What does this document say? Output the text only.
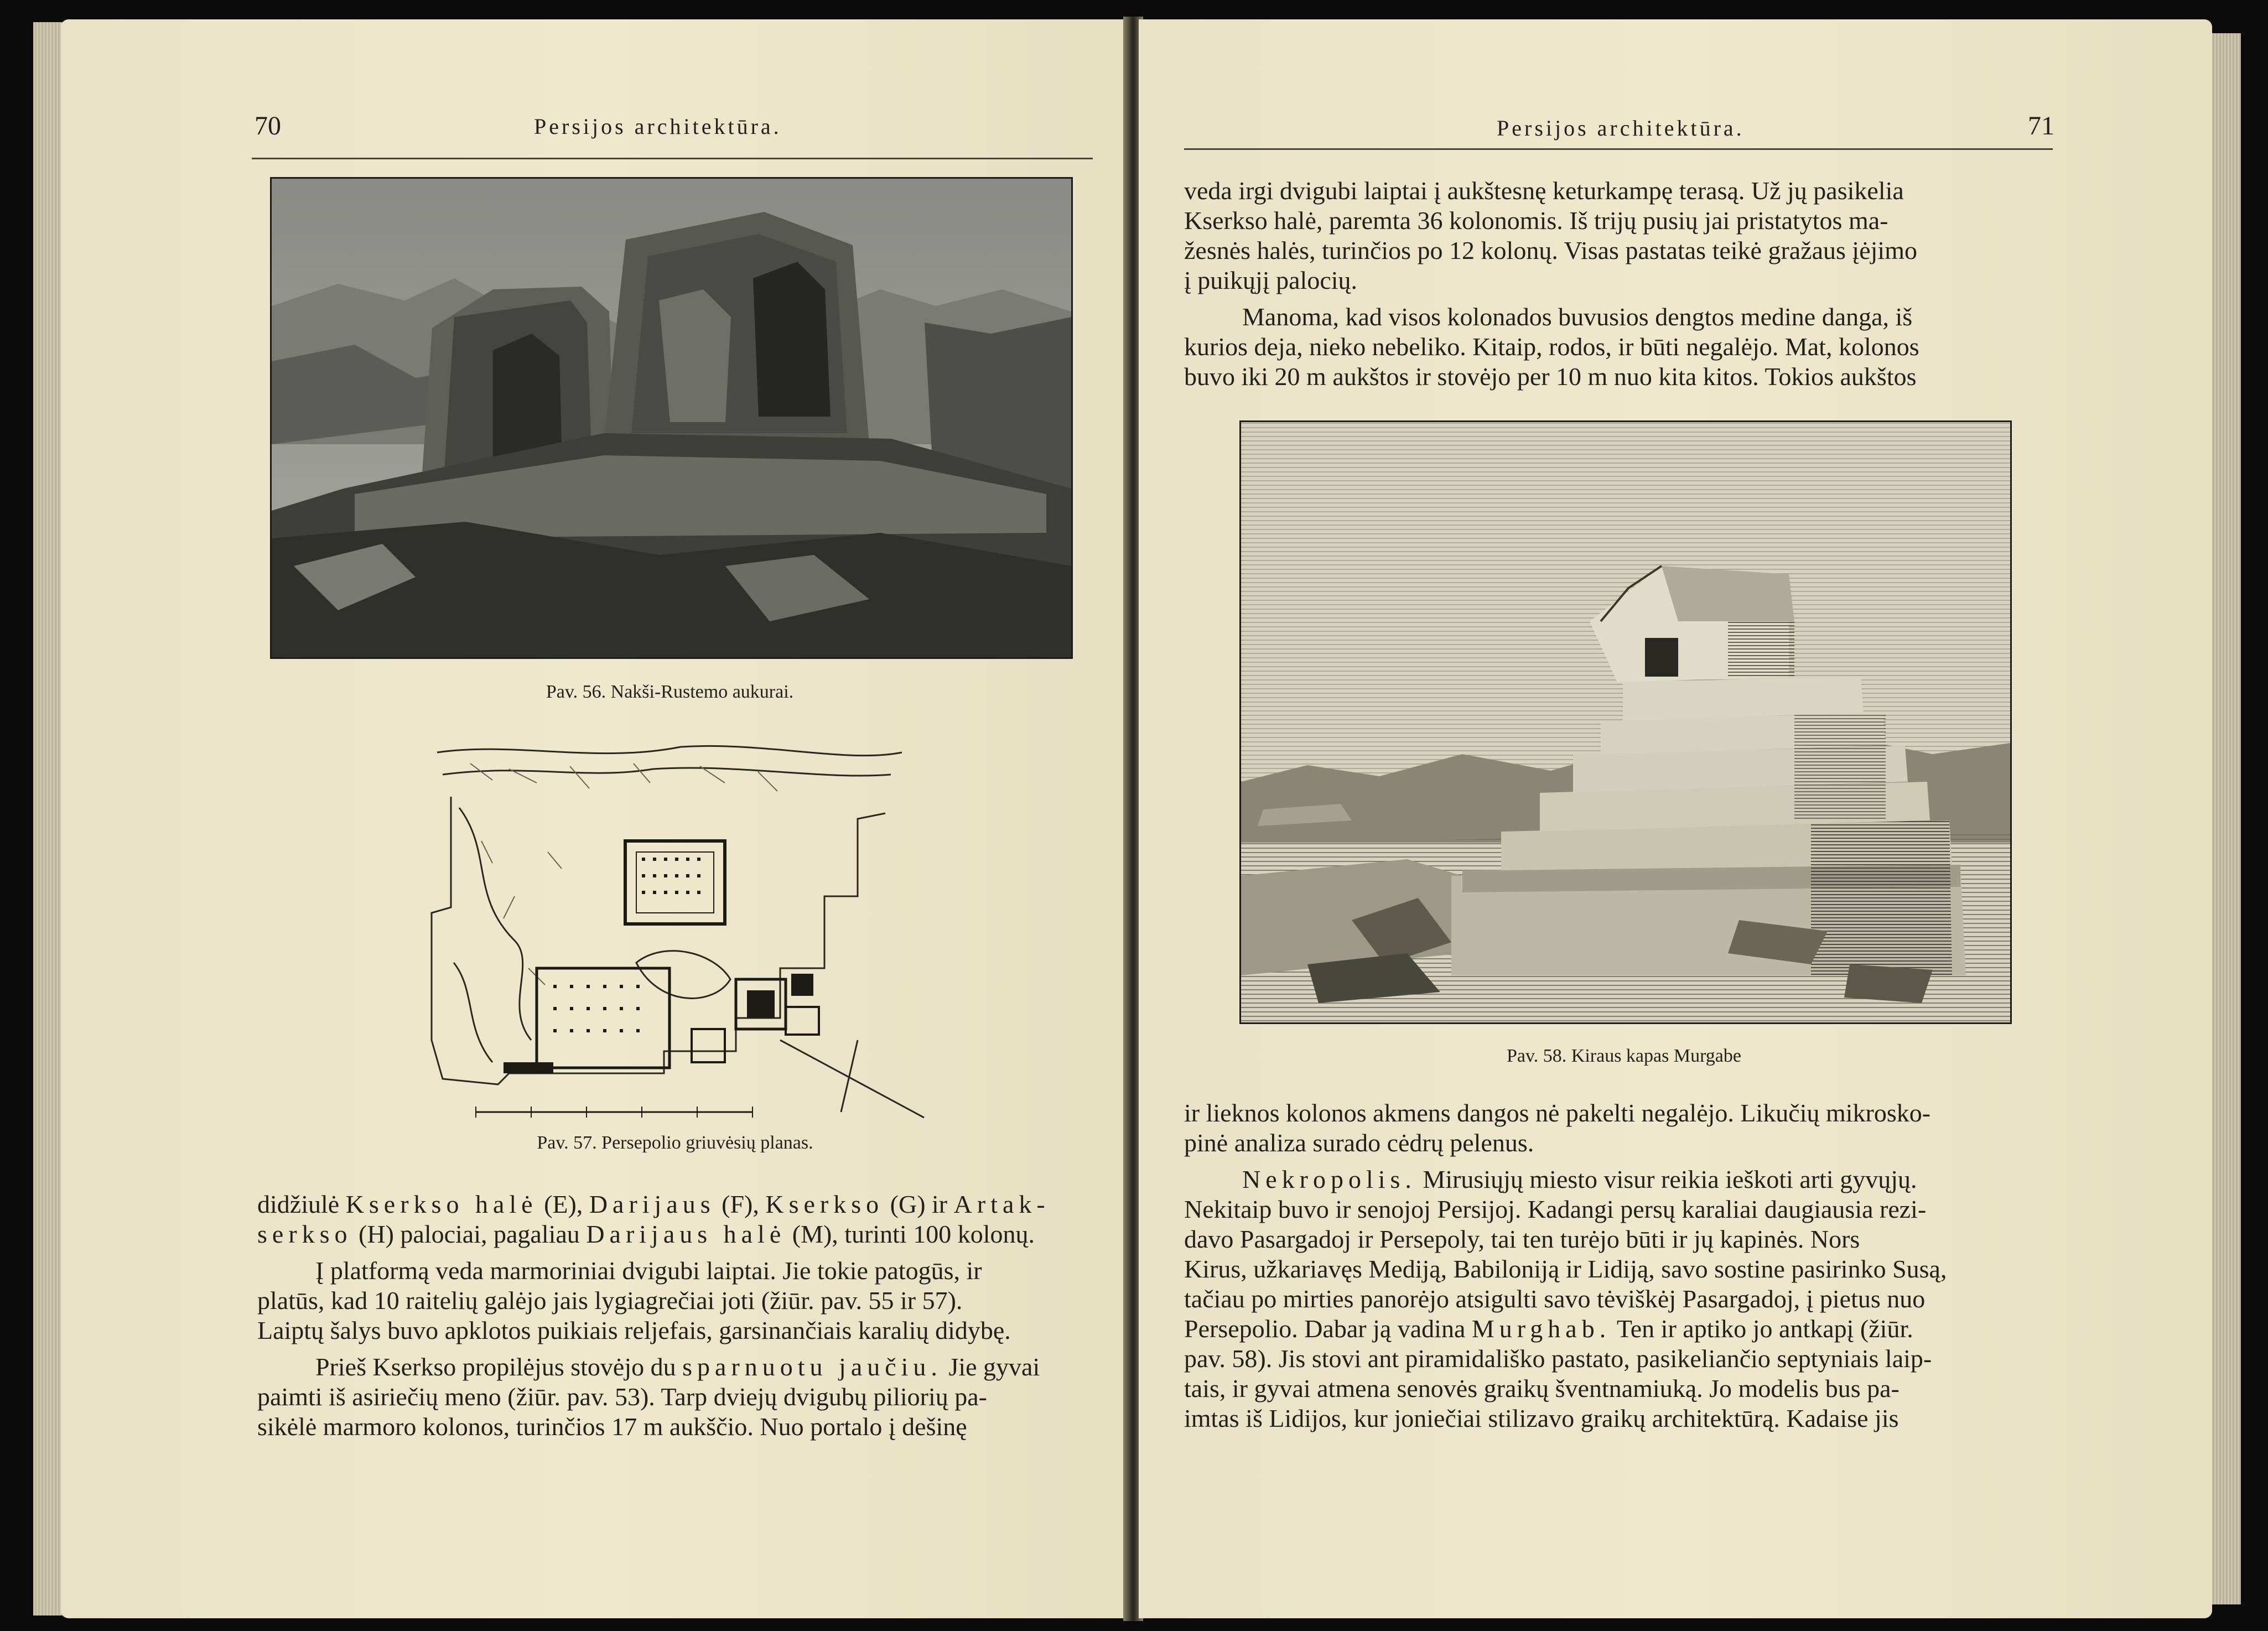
70	Persijos architektūra.
Pav. 56. Nakši-Rustemo aukurai.
Pav. 57. Persepolio griuvėsių planas.

didžiulė Kserkso halė (E), Darijaus (F), Kserkso (G) ir Artak-
serkso (H) palociai, pagaliau Darijaus halė (M), turinti 100 kolonų.

Į platformą veda marmoriniai dvigubi laiptai. Jie tokie patogūs, ir
platūs, kad 10 raitelių galėjo jais lygiagrečiai joti (žiūr. pav. 55 ir 57).
Laiptų šalys buvo apklotos puikiais reljefais, garsinančiais karalių didybę.

Prieš Kserkso propilėjus stovėjo du sparnuotu jaučiu. Jie gyvai
paimti iš asiriečių meno (žiūr. pav. 53). Tarp dviejų dvigubų piliorių pa-
sikėlė marmoro kolonos, turinčios 17 m aukščio. Nuo portalo į dešinę

Persijos architektūra.	71

veda irgi dvigubi laiptai į aukštesnę keturkampę terasą. Už jų pasikelia
Kserkso halė, paremta 36 kolonomis. Iš trijų pusių jai pristatytos ma-
žesnės halės, turinčios po 12 kolonų. Visas pastatas teikė gražaus įėjimo
į puikųjį palocių.

Manoma, kad visos kolonados buvusios dengtos medine danga, iš
kurios deja, nieko nebeliko. Kitaip, rodos, ir būti negalėjo. Mat, kolonos
buvo iki 20 m aukštos ir stovėjo per 10 m nuo kita kitos. Tokios aukštos

Pav. 58. Kiraus kapas Murgabe

ir lieknos kolonos akmens dangos nė pakelti negalėjo. Likučių mikrosko-
pinė analiza surado cėdrų pelenus.

Nekropolis. Mirusiųjų miesto visur reikia ieškoti arti gyvųjų.
Nekitaip buvo ir senojoj Persijoj. Kadangi persų karaliai daugiausia rezi-
davo Pasargadoj ir Persepoly, tai ten turėjo būti ir jų kapinės. Nors
Kirus, užkariavęs Mediją, Babiloniją ir Lidiją, savo sostine pasirinko Susą,
tačiau po mirties panorėjo atsigulti savo tėviškėj Pasargadoj, į pietus nuo
Persepolio. Dabar ją vadina Murghab. Ten ir aptiko jo antkapį (žiūr.
pav. 58). Jis stovi ant piramidališko pastato, pasikeliančio septyniais laip-
tais, ir gyvai atmena senovės graikų šventnamiuką. Jo modelis bus pa-
imtas iš Lidijos, kur joniečiai stilizavo graikų architektūrą. Kadaise jis
